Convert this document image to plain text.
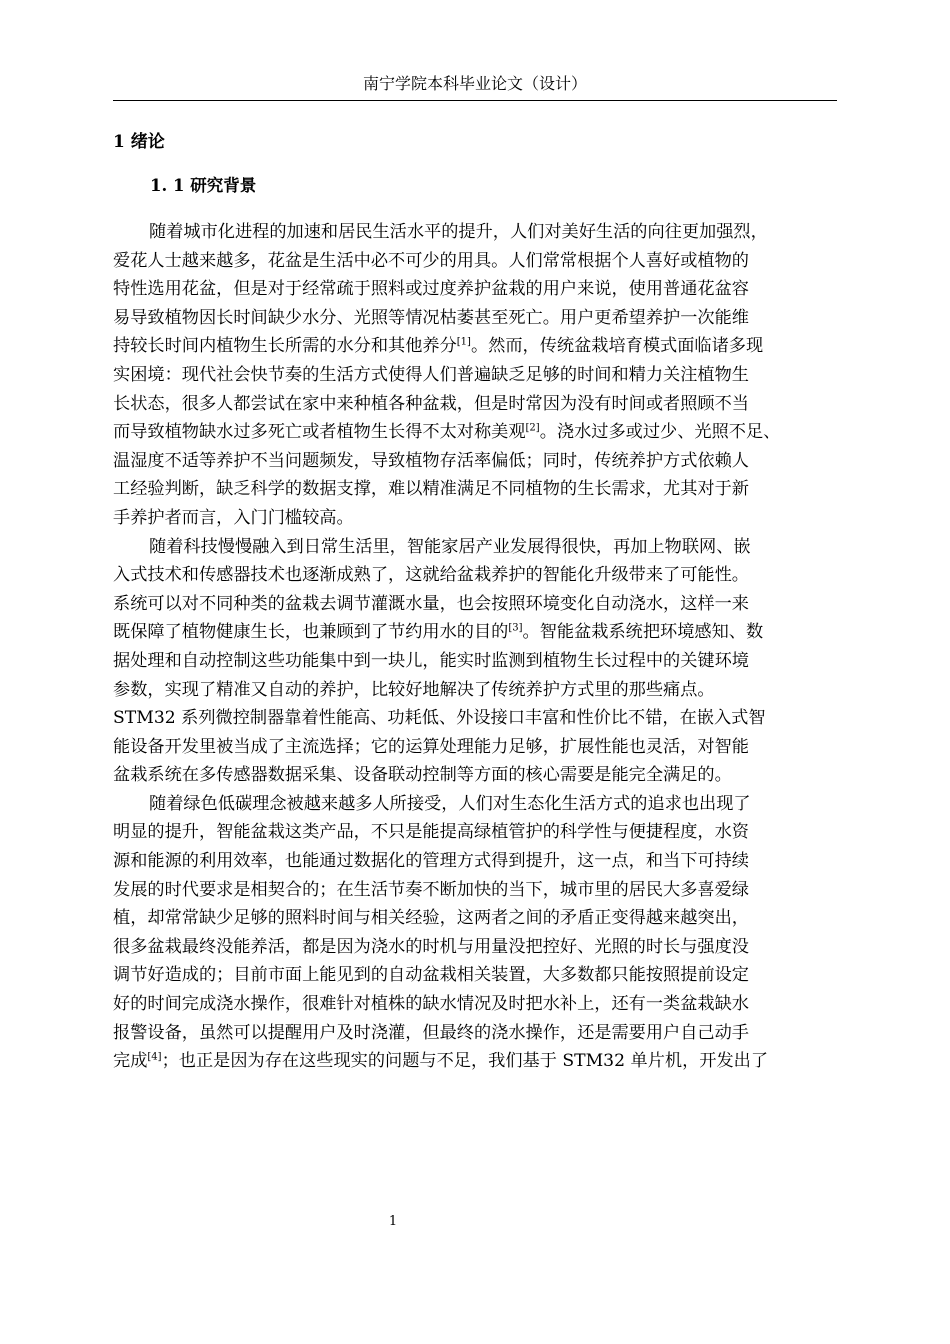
南宁学院本科毕业论文（设计）
1 绪论
1. 1 研究背景

随着城市化进程的加速和居民生活水平的提升，人们对美好生活的向往更加强烈，
爱花人士越来越多，花盆是生活中必不可少的用具。人们常常根据个人喜好或植物的
特性选用花盆，但是对于经常疏于照料或过度养护盆栽的用户来说，使用普通花盆容
易导致植物因长时间缺少水分、光照等情况枯萎甚至死亡。用户更希望养护一次能维
持较长时间内植物生长所需的水分和其他养分[1]。然而，传统盆栽培育模式面临诸多现
实困境：现代社会快节奏的生活方式使得人们普遍缺乏足够的时间和精力关注植物生
长状态，很多人都尝试在家中来种植各种盆栽，但是时常因为没有时间或者照顾不当
而导致植物缺水过多死亡或者植物生长得不太对称美观[2]。浇水过多或过少、光照不足、
温湿度不适等养护不当问题频发，导致植物存活率偏低；同时，传统养护方式依赖人
工经验判断，缺乏科学的数据支撑，难以精准满足不同植物的生长需求，尤其对于新
手养护者而言，入门门槛较高。

随着科技慢慢融入到日常生活里，智能家居产业发展得很快，再加上物联网、嵌
入式技术和传感器技术也逐渐成熟了，这就给盆栽养护的智能化升级带来了可能性。
系统可以对不同种类的盆栽去调节灌溉水量，也会按照环境变化自动浇水，这样一来
既保障了植物健康生长，也兼顾到了节约用水的目的[3]。智能盆栽系统把环境感知、数
据处理和自动控制这些功能集中到一块儿，能实时监测到植物生长过程中的关键环境
参数，实现了精准又自动的养护，比较好地解决了传统养护方式里的那些痛点。
STM32 系列微控制器靠着性能高、功耗低、外设接口丰富和性价比不错，在嵌入式智
能设备开发里被当成了主流选择；它的运算处理能力足够，扩展性能也灵活，对智能
盆栽系统在多传感器数据采集、设备联动控制等方面的核心需要是能完全满足的。

随着绿色低碳理念被越来越多人所接受，人们对生态化生活方式的追求也出现了
明显的提升，智能盆栽这类产品，不只是能提高绿植管护的科学性与便捷程度，水资
源和能源的利用效率，也能通过数据化的管理方式得到提升，这一点，和当下可持续
发展的时代要求是相契合的；在生活节奏不断加快的当下，城市里的居民大多喜爱绿
植，却常常缺少足够的照料时间与相关经验，这两者之间的矛盾正变得越来越突出，
很多盆栽最终没能养活，都是因为浇水的时机与用量没把控好、光照的时长与强度没
调节好造成的；目前市面上能见到的自动盆栽相关装置，大多数都只能按照提前设定
好的时间完成浇水操作，很难针对植株的缺水情况及时把水补上，还有一类盆栽缺水
报警设备，虽然可以提醒用户及时浇灌，但最终的浇水操作，还是需要用户自己动手
完成[4]；也正是因为存在这些现实的问题与不足，我们基于 STM32 单片机，开发出了

1
